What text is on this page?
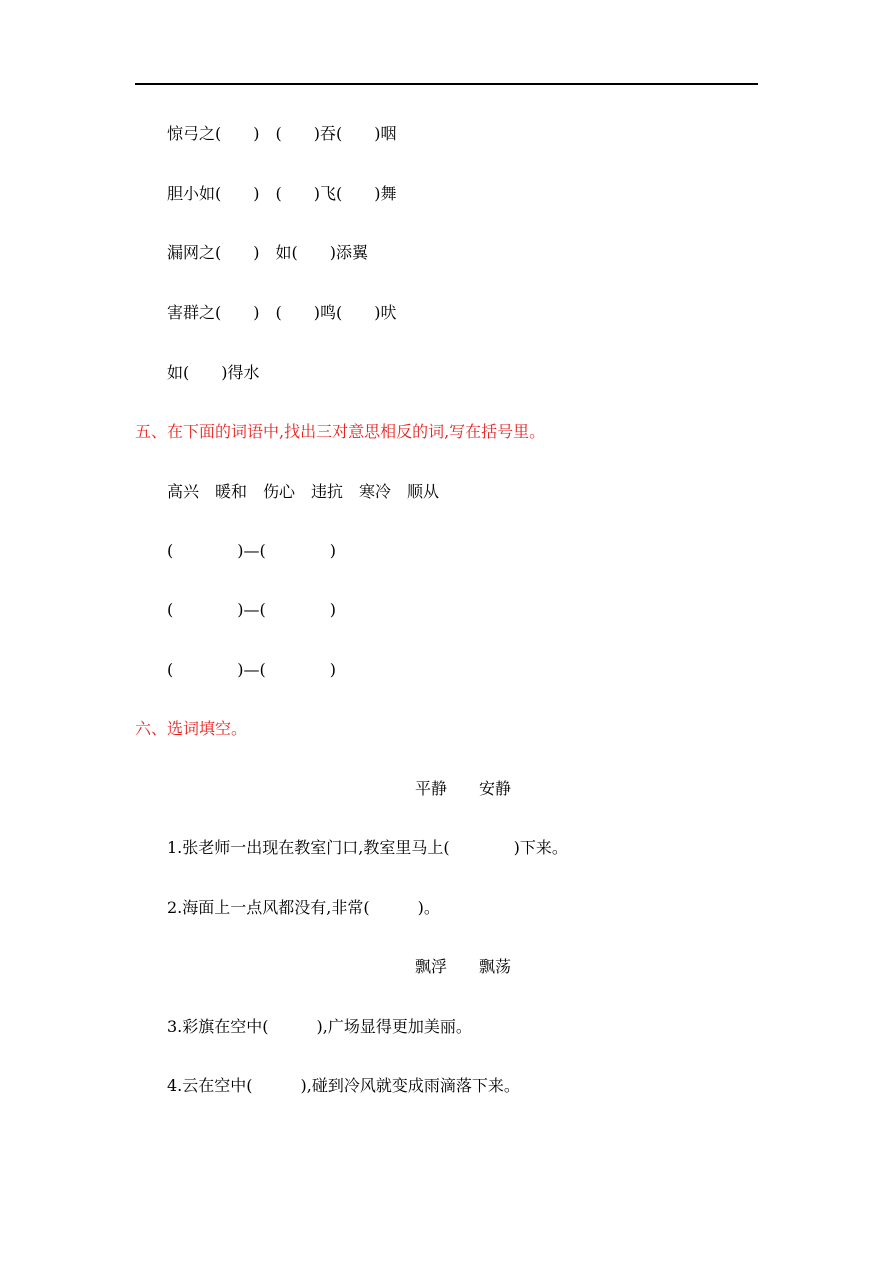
惊弓之(　　)　(　　)吞(　　)咽
胆小如(　　)　(　　)飞(　　)舞
漏网之(　　)　如(　　)添翼
害群之(　　)　(　　)鸣(　　)吠
如(　　)得水
五、在下面的词语中,找出三对意思相反的词,写在括号里。
高兴　暖和　伤心　违抗　寒冷　顺从
(　　　　)—(　　　　)
(　　　　)—(　　　　)
(　　　　)—(　　　　)
六、选词填空。
平静　　安静
1.张老师一出现在教室门口,教室里马上(　　　　)下来。
2.海面上一点风都没有,非常(　　　)。
飘浮　　飘荡
3.彩旗在空中(　　　),广场显得更加美丽。
4.云在空中(　　　),碰到冷风就变成雨滴落下来。
